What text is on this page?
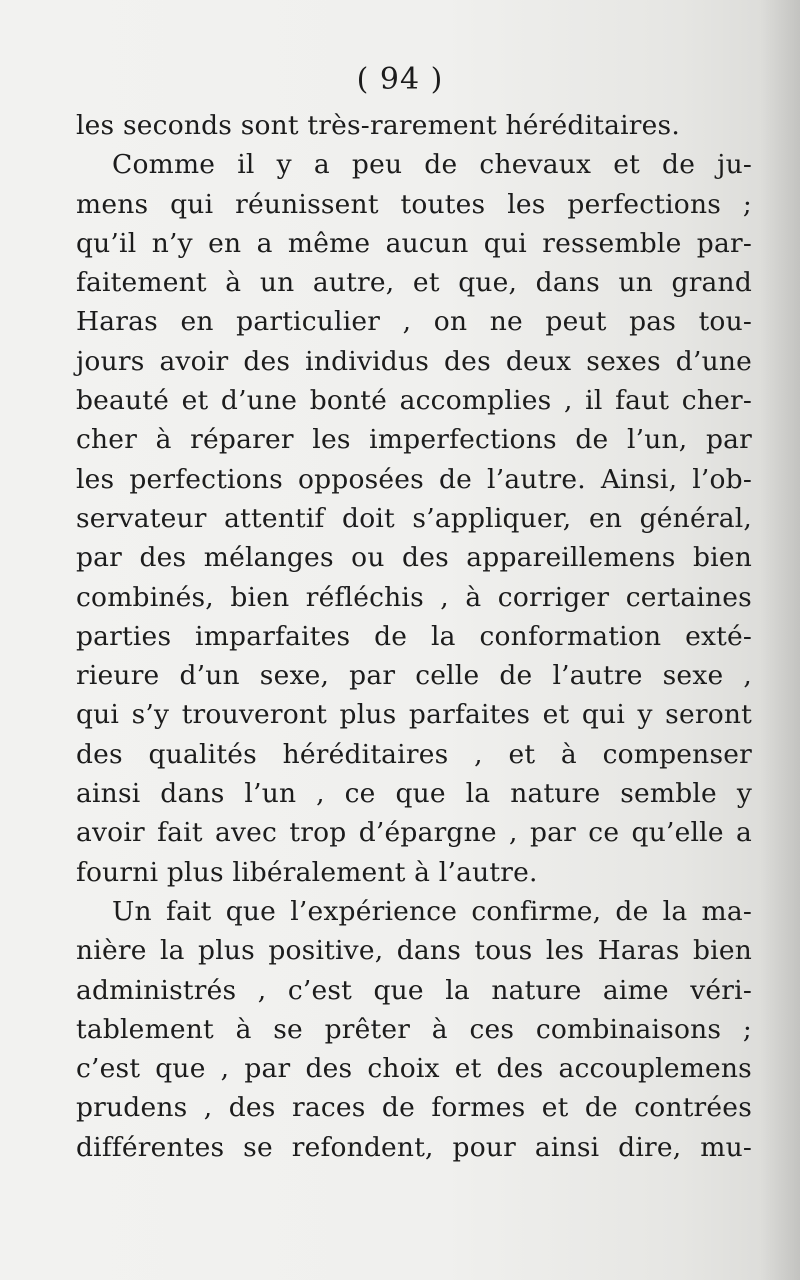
( 94 )
les seconds sont très-rarement héréditaires.
Comme il y a peu de chevaux et de ju-
mens qui réunissent toutes les perfections ;
qu’il n’y en a même aucun qui ressemble par-
faitement à un autre, et que, dans un grand
Haras en particulier , on ne peut pas tou-
jours avoir des individus des deux sexes d’une
beauté et d’une bonté accomplies , il faut cher-
cher à réparer les imperfections de l’un, par
les perfections opposées de l’autre. Ainsi, l’ob-
servateur attentif doit s’appliquer, en général,
par des mélanges ou des appareillemens bien
combinés, bien réfléchis , à corriger certaines
parties imparfaites de la conformation exté-
rieure d’un sexe, par celle de l’autre sexe ,
qui s’y trouveront plus parfaites et qui y seront
des qualités héréditaires , et à compenser
ainsi dans l’un , ce que la nature semble y
avoir fait avec trop d’épargne , par ce qu’elle a
fourni plus libéralement à l’autre.
Un fait que l’expérience confirme, de la ma-
nière la plus positive, dans tous les Haras bien
administrés , c’est que la nature aime véri-
tablement à se prêter à ces combinaisons ;
c’est que , par des choix et des accouplemens
prudens , des races de formes et de contrées
différentes se refondent, pour ainsi dire, mu-
